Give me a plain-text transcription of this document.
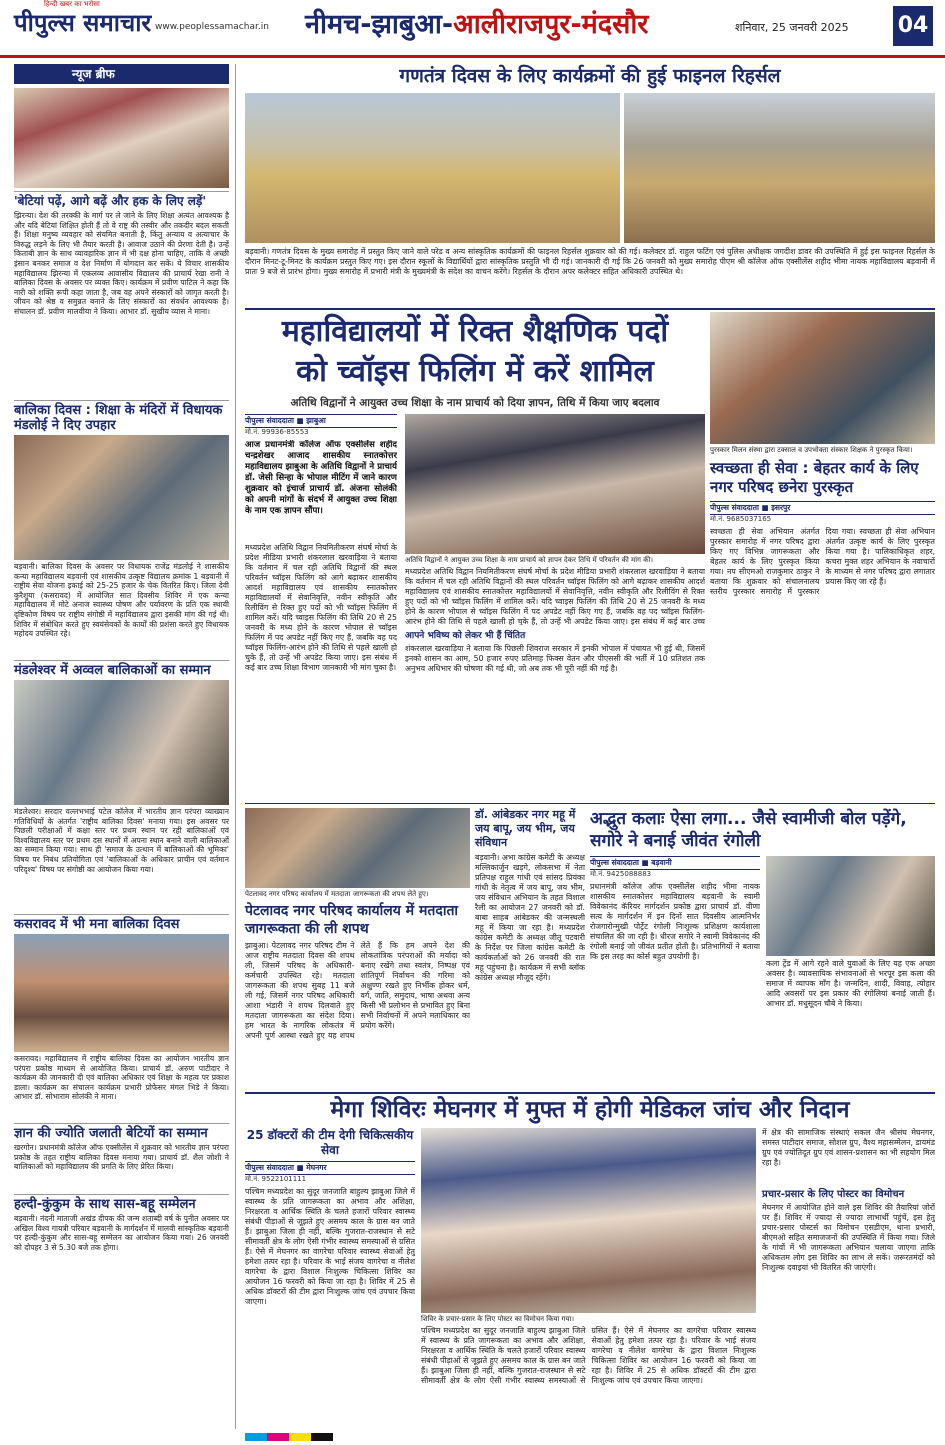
हिन्दी खबर का भरोसा
पीपुल्स समाचार www.peoplessamachar.in नीमच-झाबुआ-आलीराजपुर-मंदसौर	शनिवार, 25 जनवरी 2025 04
न्यूज ब्रीफ
'बेटियां पढ़ें, आगे बढ़ें और हक के लिए लड़ें'
झिरन्या। देश की तरक्की के मार्ग पर ले जाने के लिए शिक्षा अत्यंत आवश्यक है और यदि बेटियां शिक्षित होती हैं तो वे राष्ट्र की तस्वीर और तकदीर बदल सकती हैं। शिक्षा मनुष्य व्यवहार को संयमित बनाती है, किंतु अन्याय व अत्याचार के विरुद्ध लड़ने के लिए भी तैयार करती है। आवाज उठाने की प्रेरणा देती है। उन्हें किताबी ज्ञान के साथ व्यावहारिक ज्ञान में भी दक्ष होना चाहिए, ताकि वे अच्छी इंसान बनकर समाज व देश निर्माण में योगदान कर सकें। ये विचार शासकीय महाविद्यालय झिरन्या में एकलव्य आवासीय विद्यालय की प्राचार्य रेखा रानी ने बालिका दिवस के अवसर पर व्यक्त किए। कार्यक्रम में प्रवीण पाटिल ने कहा कि नारी को शक्ति रूपी कहा जाता है, जब वह अपने संस्कारों को जागृत करती है। जीवन को श्रेष्ठ व समुन्नत बनाने के लिए संस्कारों का संवर्धन आवश्यक है। संचालन डॉ. प्रवीण मालवीया ने किया। आभार डॉ. सुखीय व्यास ने माना।
बालिका दिवस : शिक्षा के मंदिरों में विधायक मंडलोई ने दिए उपहार
बड़वानी। बालिका दिवस के अवसर पर विधायक राजेंद्र मंडलोई ने शासकीय कन्या महाविद्यालय बड़वानी एवं शासकीय उत्कृष्ट विद्यालय क्रमांक 1 बड़वानी में राष्ट्रीय सेवा योजना इकाई को 25-25 हजार के चेक वितरित किए। जिला देवी कुरैशुया (कसरावद) में आयोजित सात दिवसीय शिविर में एक कन्या महाविद्यालय में मोटे अनाज स्वास्थ्य पोषण और पर्यावरण के प्रति एक स्थायी दृष्टिकोण विषय पर राष्ट्रीय संगोष्ठी में महाविद्यालय द्वारा इसकी मांग की गई थी। शिविर में संबोधित करते हुए स्वयंसेवकों के कार्यों की प्रशंसा करते हुए विधायक महोदय उपस्थित रहे।
मंडलेश्वर में अव्वल बालिकाओं का सम्मान
मंडलेश्वर। सरदार वल्लभभाई पटेल कॉलेज में भारतीय ज्ञान परंपरा व्याख्यान गतिविधियों के अंतर्गत 'राष्ट्रीय बालिका दिवस' मनाया गया। इस अवसर पर पिछली परीक्षाओं में कक्षा स्तर पर प्रथम स्थान पर रही बालिकाओं एवं विश्वविद्यालय स्तर पर प्रथम दस स्थानों में अपना स्थान बनाने वाली बालिकाओं का सम्मान किया गया। साथ ही 'समाज के उत्थान में बालिकाओं की भूमिका' विषय पर निबंध प्रतियोगिता एवं 'बालिकाओं के अधिकार प्राचीन एवं वर्तमान परिदृश्य' विषय पर संगोष्ठी का आयोजन किया गया।
कसरावद में भी मना बालिका दिवस
कसरावद। महाविद्यालय में राष्ट्रीय बालिका दिवस का आयोजन भारतीय ज्ञान परंपरा प्रकोष्ठ माध्यम से आयोजित किया। प्राचार्य डॉ. अरुण पाटीदार ने कार्यक्रम की जानकारी दी एवं बालिका अधिकार एवं शिक्षा के महत्व पर प्रकाश डाला। कार्यक्रम का संचालन कार्यक्रम प्रभारी प्रोफेसर मंगल भिडे ने किया। आभार डॉ. सोभाराम सोलंकी ने माना।
ज्ञान की ज्योति जलाती बेटियों का सम्मान
खरगोन। प्रधानमंत्री कॉलेज ऑफ एक्सीलेंस में शुक्रवार को भारतीय ज्ञान परंपरा प्रकोष्ठ के तहत राष्ट्रीय बालिका दिवस मनाया गया। प्राचार्य डॉ. शैल जोशी ने बालिकाओं को महाविद्यालय की प्रगति के लिए प्रेरित किया।
हल्दी-कुंकुम के साथ सास-बहू सम्मेलन
बड़वानी। नंदनी माताजी अखंड दीपक की जन्म शताब्दी वर्ष के पुनीत अवसर पर अखिल विश्व गायत्री परिवार बड़वानी के मार्गदर्शन में मालवी सांस्कृतिक बड़वानी पर हल्दी-कुंकुम और सास-बहू सम्मेलन का आयोजन किया गया। 26 जनवरी को दोपहर 3 से 5.30 बजे तक होगा।
गणतंत्र दिवस के लिए कार्यक्रमों की हुई फाइनल रिहर्सल
बड़वानी। गणतंत्र दिवस के मुख्य समारोह में प्रस्तुत किए जाने वाले परेड व अन्य सांस्कृतिक कार्यक्रमों की फाइनल रिहर्सल शुक्रवार को की गई। कलेक्टर डॉ. राहुल फटिंग एवं पुलिस अधीक्षक जगदीश डावर की उपस्थिति में हुई इस फाइनल रिहर्सल के दौरान मिनट-टू-मिनट के कार्यक्रम प्रस्तुत किए गए। इस दौरान स्कूलों के विद्यार्थियों द्वारा सांस्कृतिक प्रस्तुति भी दी गई। जानकारी दी गई कि 26 जनवरी को मुख्य समारोह पीएम श्री कॉलेज ऑफ एक्सीलेंस शहीद भीमा नायक महाविद्यालय बड़वानी में प्रातः 9 बजे से प्रारंभ होगा। मुख्य समारोह में प्रभारी मंत्री के मुख्यमंत्री के संदेश का वाचन करेंगे। रिहर्सल के दौरान अपर कलेक्टर सहित अधिकारी उपस्थित थे।
महाविद्यालयों में रिक्त शैक्षणिक पदों
को च्वॉइस फिलिंग में करें शामिल
अतिथि विद्वानों ने आयुक्त उच्च शिक्षा के नाम प्राचार्य को दिया ज्ञापन, तिथि में किया जाए बदलाव
पीपुल्स संवाददाता ■ झाबुआ
मो.नं. 99936-85553
आज प्रधानमंत्री कॉलेज ऑफ एक्सीलेंस शहीद चन्द्रशेखर आजाद शासकीय स्नातकोत्तर महाविद्यालय झाबुआ के अतिथि विद्वानों ने प्राचार्य डॉ. जेसी सिन्हा के भोपाल मीटिंग में जाने कारण शुक्रवार को इंचार्ज प्राचार्य डॉ. अंजना सोलंकी को अपनी मांगों के संदर्भ में आयुक्त उच्च शिक्षा के नाम एक ज्ञापन सौंपा।
मध्यप्रदेश अतिथि विद्वान नियमितीकरण संघर्ष मोर्चा के प्रदेश मीडिया प्रभारी शंकरलाल खरवाड़िया ने बताया कि वर्तमान में चल रही अतिथि विद्वानों की स्थल परिवर्तन च्वॉइस फिलिंग को आगे बढ़ाकर शासकीय आदर्श महाविद्यालय एवं शासकीय स्नातकोत्तर महाविद्यालयों में सेवानिवृत्ति, नवीन स्वीकृति और रिलीविंग से रिक्त हुए पदों को भी च्वॉइस फिलिंग में शामिल करें। यदि च्वाइस फिलिंग की तिथि 20 से 25 जनवरी के मध्य होने के कारण भोपाल से च्वॉइस फिलिंग में पद अपडेट नहीं किए गए हैं, जबकि वह पद च्वॉइस फिलिंग-आरंभ होने की तिथि से पहले खाली हो चुके हैं, तो उन्हें भी अपडेट किया जाए। इस संबंध में कई बार उच्च शिक्षा विभाग जानकारी भी मांग चुका है।
अतिथि विद्वानों ने आयुक्त उच्च शिक्षा के नाम प्राचार्य को ज्ञापन देकर तिथि में परिवर्तन की मांग की।
मध्यप्रदेश अतिथि विद्वान नियमितीकरण संघर्ष मोर्चा के प्रदेश मीडिया प्रभारी शंकरलाल खरवाड़िया ने बताया कि वर्तमान में चल रही अतिथि विद्वानों की स्थल परिवर्तन च्वॉइस फिलिंग को आगे बढ़ाकर शासकीय आदर्श महाविद्यालय एवं शासकीय स्नातकोत्तर महाविद्यालयों में सेवानिवृत्ति, नवीन स्वीकृति और रिलीविंग से रिक्त हुए पदों को भी च्वॉइस फिलिंग में शामिल करें। यदि च्वाइस फिलिंग की तिथि 20 से 25 जनवरी के मध्य होने के कारण भोपाल से च्वॉइस फिलिंग में पद अपडेट नहीं किए गए हैं, जबकि वह पद च्वॉइस फिलिंग-आरंभ होने की तिथि से पहले खाली हो चुके हैं, तो उन्हें भी अपडेट किया जाए। इस संबंध में कई बार उच्च
आपने भविष्य को लेकर भी हैं चिंतित
शंकरलाल खरवाड़िया ने बताया कि पिछली शिवराज सरकार में इनकी भोपाल में पंचायत भी हुई थी, जिसमें इनको शासन का आम, 50 हजार रुपए प्रतिमाह फिक्स वेतन और पीएससी की भर्ती में 10 प्रतिशत तक अनुभव अधिभार की घोषणा की गई थी, जो अब तक भी पूरी नहीं की गई है।
पुरस्कार मिलन संस्था द्वारा टक्साल व उपभोक्ता संस्कार शिक्षक ने पुरस्कृत किया।
स्वच्छता ही सेवा : बेहतर कार्य के लिए नगर परिषद छनेरा पुरस्कृत
पीपुल्स संवाददाता ■ इसरपुर
मो.नं. 9685037165
स्वच्छता ही सेवा अभियान अंतर्गत पुरस्कार समारोह में नगर परिषद द्वारा किए गए विभिन्न जागरूकता और बेहतर कार्य के लिए पुरस्कृत किया गया। नप सीएमओ राजकुमार ठाकुर ने बताया कि शुक्रवार को संचालनालय स्तरीय पुरस्कार समारोह में पुरस्कार दिया गया। स्वच्छता ही सेवा अभियान अंतर्गत उत्कृष्ट कार्य के लिए पुरस्कृत किया गया है। पालिकाधिकृत शहर, कचरा मुक्त शहर अभियान के नवाचारों के माध्यम से नगर परिषद द्वारा लगातार प्रयास किए जा रहे हैं।
पेटलावद नगर परिषद कार्यालय में मतदाता जागरूकता की शपथ लेते हुए।
पेटलावद नगर परिषद कार्यालय में मतदाता जागरूकता की ली शपथ
झाबुआ। पेटलावद नगर परिषद टीम ने आज राष्ट्रीय मतदाता दिवस की शपथ ली, जिसमें परिषद के अधिकारी-कर्मचारी उपस्थित रहे। मतदाता जागरूकता की शपथ सुबह 11 बजे ली गई, जिसमें नगर परिषद अधिकारी आशा भंडारी ने शपथ दिलवाते हुए मतदाता जागरूकता का संदेश दिया। हम भारत के नागरिक लोकतंत्र में अपनी पूर्ण आस्था रखते हुए यह शपथ लेते हैं कि हम अपने देश की लोकतांत्रिक परंपराओं की मर्यादा को बनाए रखेंगे तथा स्वतंत्र, निष्पक्ष एवं शांतिपूर्ण निर्वाचन की गरिमा को अक्षुण्ण रखते हुए निर्भीक होकर धर्म, वर्ग, जाति, समुदाय, भाषा अथवा अन्य किसी भी प्रलोभन से प्रभावित हुए बिना सभी निर्वाचनों में अपने मताधिकार का प्रयोग करेंगे।
डॉ. आंबेडकर नगर महू में जय बापू, जय भीम, जय संविधान
बड़वानी। अभा कांग्रेस कमेटी के अध्यक्ष मल्लिकार्जुन खड़गे, लोकसभा में नेता प्रतिपक्ष राहुल गांधी एवं सांसद प्रियंका गांधी के नेतृत्व में जय बापू, जय भीम, जय संविधान अभियान के तहत विशाल रैली का आयोजन 27 जनवरी को डॉ. बाबा साहब आंबेडकर की जन्मस्थली महू में किया जा रहा है। मध्यप्रदेश कांग्रेस कमेटी के अध्यक्ष जीतू पटवारी के निर्देश पर जिला कांग्रेस कमेटी के कार्यकर्ताओं को 26 जनवरी की रात महू पहुंचना है। कार्यक्रम में सभी ब्लॉक कांग्रेस अध्यक्ष मौजूद रहेंगे।
अद्भुत कलाः ऐसा लगा... जैसे स्वामीजी बोल पड़ेंगे, सगोरे ने बनाई जीवंत रंगोली
पीपुल्स संवाददाता ■ बड़वानी
मो.नं. 9425088883
प्रधानमंत्री कॉलेज ऑफ एक्सीलेंस शहीद भीमा नायक शासकीय स्नातकोत्तर महाविद्यालय बड़वानी के स्वामी विवेकानंद कॅरियर मार्गदर्शन प्रकोष्ठ द्वारा प्राचार्य डॉ. वीणा सत्य के मार्गदर्शन में इन दिनों सात दिवसीय आत्मनिर्भर रोजगारोन्मुखी पोर्ट्रेट रंगोली निःशुल्क प्रशिक्षण कार्यशाला संचालित की जा रही है। धीरज सगोरे ने स्वामी विवेकानंद की रंगोली बनाई जो जीवंत प्रतीत होती है। प्रतिभागियों ने बताया कि इस तरह का कोर्स बहुत उपयोगी है।
कला ट्रेंड में आगे रहने वाले युवाओं के लिए यह एक अच्छा अवसर है। व्यावसायिक संभावनाओं से भरपूर इस कला की समाज में व्यापक माँग है। जन्मदिन, शादी, विवाह, त्योहार आदि अवसरों पर इस प्रकार की रंगोलियां बनाई जाती हैं। आभार डॉ. मधुसूदन चौबे ने किया।
मेगा शिविरः मेघनगर में मुफ्त में होगी मेडिकल जांच और निदान
25 डॉक्टरों की टीम देगी चिकित्सकीय सेवा
पीपुल्स संवाददाता ■ मेघनगर
मो.नं. 9522101111
पश्चिम मध्यप्रदेश का सुदूर जनजाति बाहुल्य झाबुआ जिले में स्वास्थ्य के प्रति जागरूकता का अभाव और अशिक्षा, निरक्षरता व आर्थिक स्थिति के चलते हजारों परिवार स्वास्थ्य संबंधी पीड़ाओं से जूझते हुए असमय काल के ग्रास बन जाते हैं। झाबुआ जिला ही नहीं, बल्कि गुजरात-राजस्थान से सटे सीमावर्ती क्षेत्र के लोग ऐसी गंभीर स्वास्थ्य समस्याओं से ग्रसित हैं। ऐसे में मेघनगर का वागरेचा परिवार स्वास्थ्य सेवाओं हेतु हमेशा तत्पर रहा है। परिवार के भाई संजय वागरेचा व नीलेश वागरेचा के द्वारा विशाल निःशुल्क चिकित्सा शिविर का आयोजन 16 फरवरी को किया जा रहा है। शिविर में 25 से अधिक डॉक्टरों की टीम द्वारा निःशुल्क जांच एवं उपचार किया जाएगा।
शिविर के प्रचार-प्रसार के लिए पोस्टर का विमोचन किया गया।
पश्चिम मध्यप्रदेश का सुदूर जनजाति बाहुल्य झाबुआ जिले में स्वास्थ्य के प्रति जागरूकता का अभाव और अशिक्षा, निरक्षरता व आर्थिक स्थिति के चलते हजारों परिवार स्वास्थ्य संबंधी पीड़ाओं से जूझते हुए असमय काल के ग्रास बन जाते हैं। झाबुआ जिला ही नहीं, बल्कि गुजरात-राजस्थान से सटे सीमावर्ती क्षेत्र के लोग ऐसी गंभीर स्वास्थ्य समस्याओं से ग्रसित हैं। ऐसे में मेघनगर का वागरेचा परिवार स्वास्थ्य सेवाओं हेतु हमेशा तत्पर रहा है। परिवार के भाई संजय वागरेचा व नीलेश वागरेचा के द्वारा विशाल निःशुल्क चिकित्सा शिविर का आयोजन 16 फरवरी को किया जा रहा है। शिविर में 25 से अधिक डॉक्टरों की टीम द्वारा निःशुल्क जांच एवं उपचार किया जाएगा।
में क्षेत्र की सामाजिक संस्थाएं सकल जैन श्रीसंघ मेघनगर, समस्त पाटीदार समाज, सोशल ग्रुप, वैश्य महासम्मेलन, डायमंड ग्रुप एवं ज्योतिदूत ग्रुप एवं शासन-प्रशासन का भी सहयोग मिल रहा है।
प्रचार-प्रसार के लिए पोस्टर का विमोचन
मेघनगर में आयोजित होने वाले इस शिविर की तैयारियां जोरों पर हैं। शिविर में ज्यादा से ज्यादा लाभार्थी पहुंचें, इस हेतु प्रचार-प्रसार पोस्टर्स का विमोचन एसडीएम, थाना प्रभारी, बीएमओ सहित समाजजनों की उपस्थिति में किया गया। जिले के गांवों में भी जागरूकता अभियान चलाया जाएगा ताकि अधिकतम लोग इस शिविर का लाभ ले सकें। जरूरतमंदों को निःशुल्क दवाइयां भी वितरित की जाएंगी।
